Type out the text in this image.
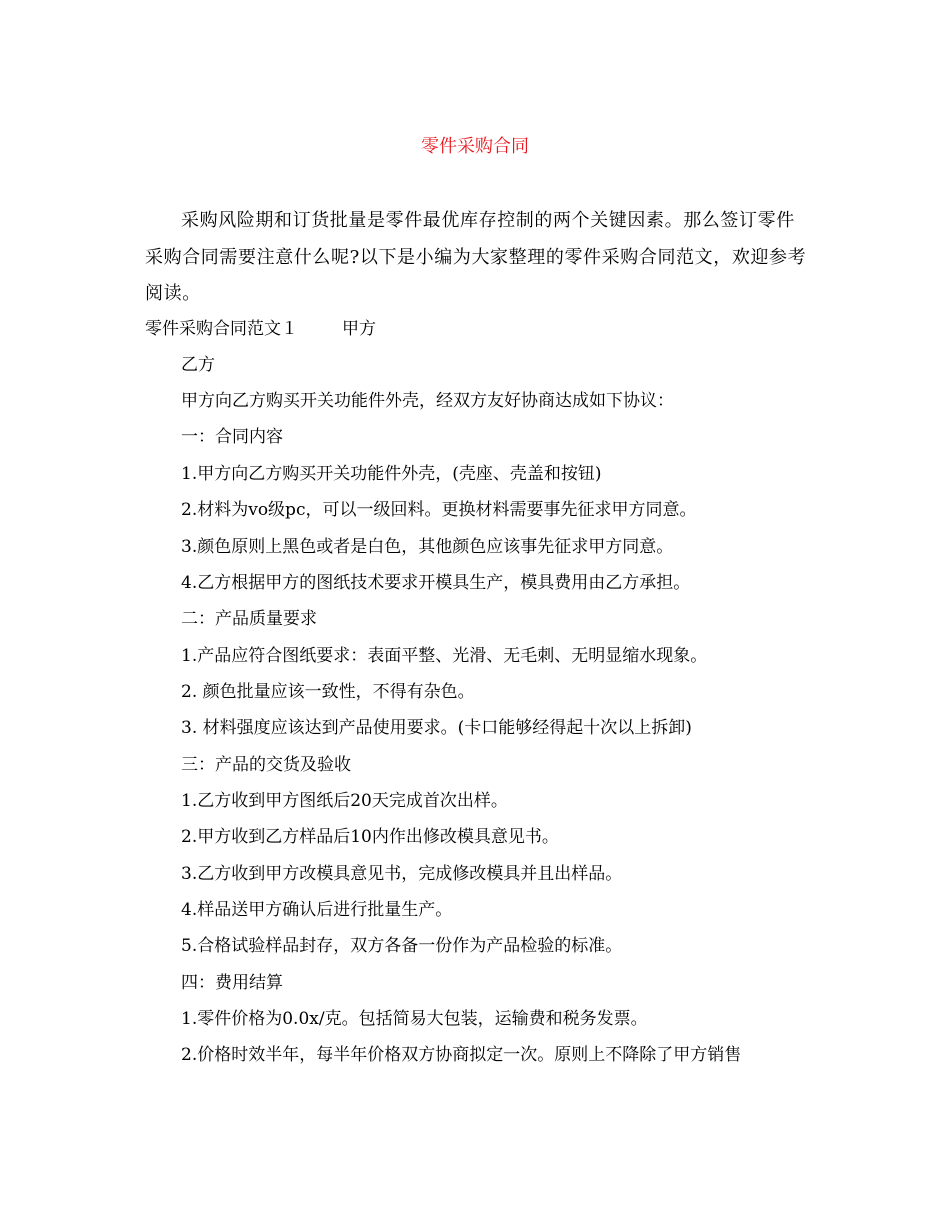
零件采购合同

采购风险期和订货批量是零件最优库存控制的两个关键因素。那么签订零件采购合同需要注意什么呢?以下是小编为大家整理的零件采购合同范文，欢迎参考阅读。

零件采购合同范文１	甲方
乙方
甲方向乙方购买开关功能件外壳，经双方友好协商达成如下协议：
一：合同内容
1.甲方向乙方购买开关功能件外壳，(壳座、壳盖和按钮)
2.材料为vo级pc，可以一级回料。更换材料需要事先征求甲方同意。
3.颜色原则上黑色或者是白色，其他颜色应该事先征求甲方同意。
4.乙方根据甲方的图纸技术要求开模具生产，模具费用由乙方承担。
二：产品质量要求
1.产品应符合图纸要求：表面平整、光滑、无毛刺、无明显缩水现象。
2. 颜色批量应该一致性，不得有杂色。
3. 材料强度应该达到产品使用要求。(卡口能够经得起十次以上拆卸)
三：产品的交货及验收
1.乙方收到甲方图纸后20天完成首次出样。
2.甲方收到乙方样品后10内作出修改模具意见书。
3.乙方收到甲方改模具意见书，完成修改模具并且出样品。
4.样品送甲方确认后进行批量生产。
5.合格试验样品封存，双方各备一份作为产品检验的标准。
四：费用结算
1.零件价格为0.0x/克。包括简易大包装，运输费和税务发票。
2.价格时效半年，每半年价格双方协商拟定一次。原则上不降除了甲方销售
